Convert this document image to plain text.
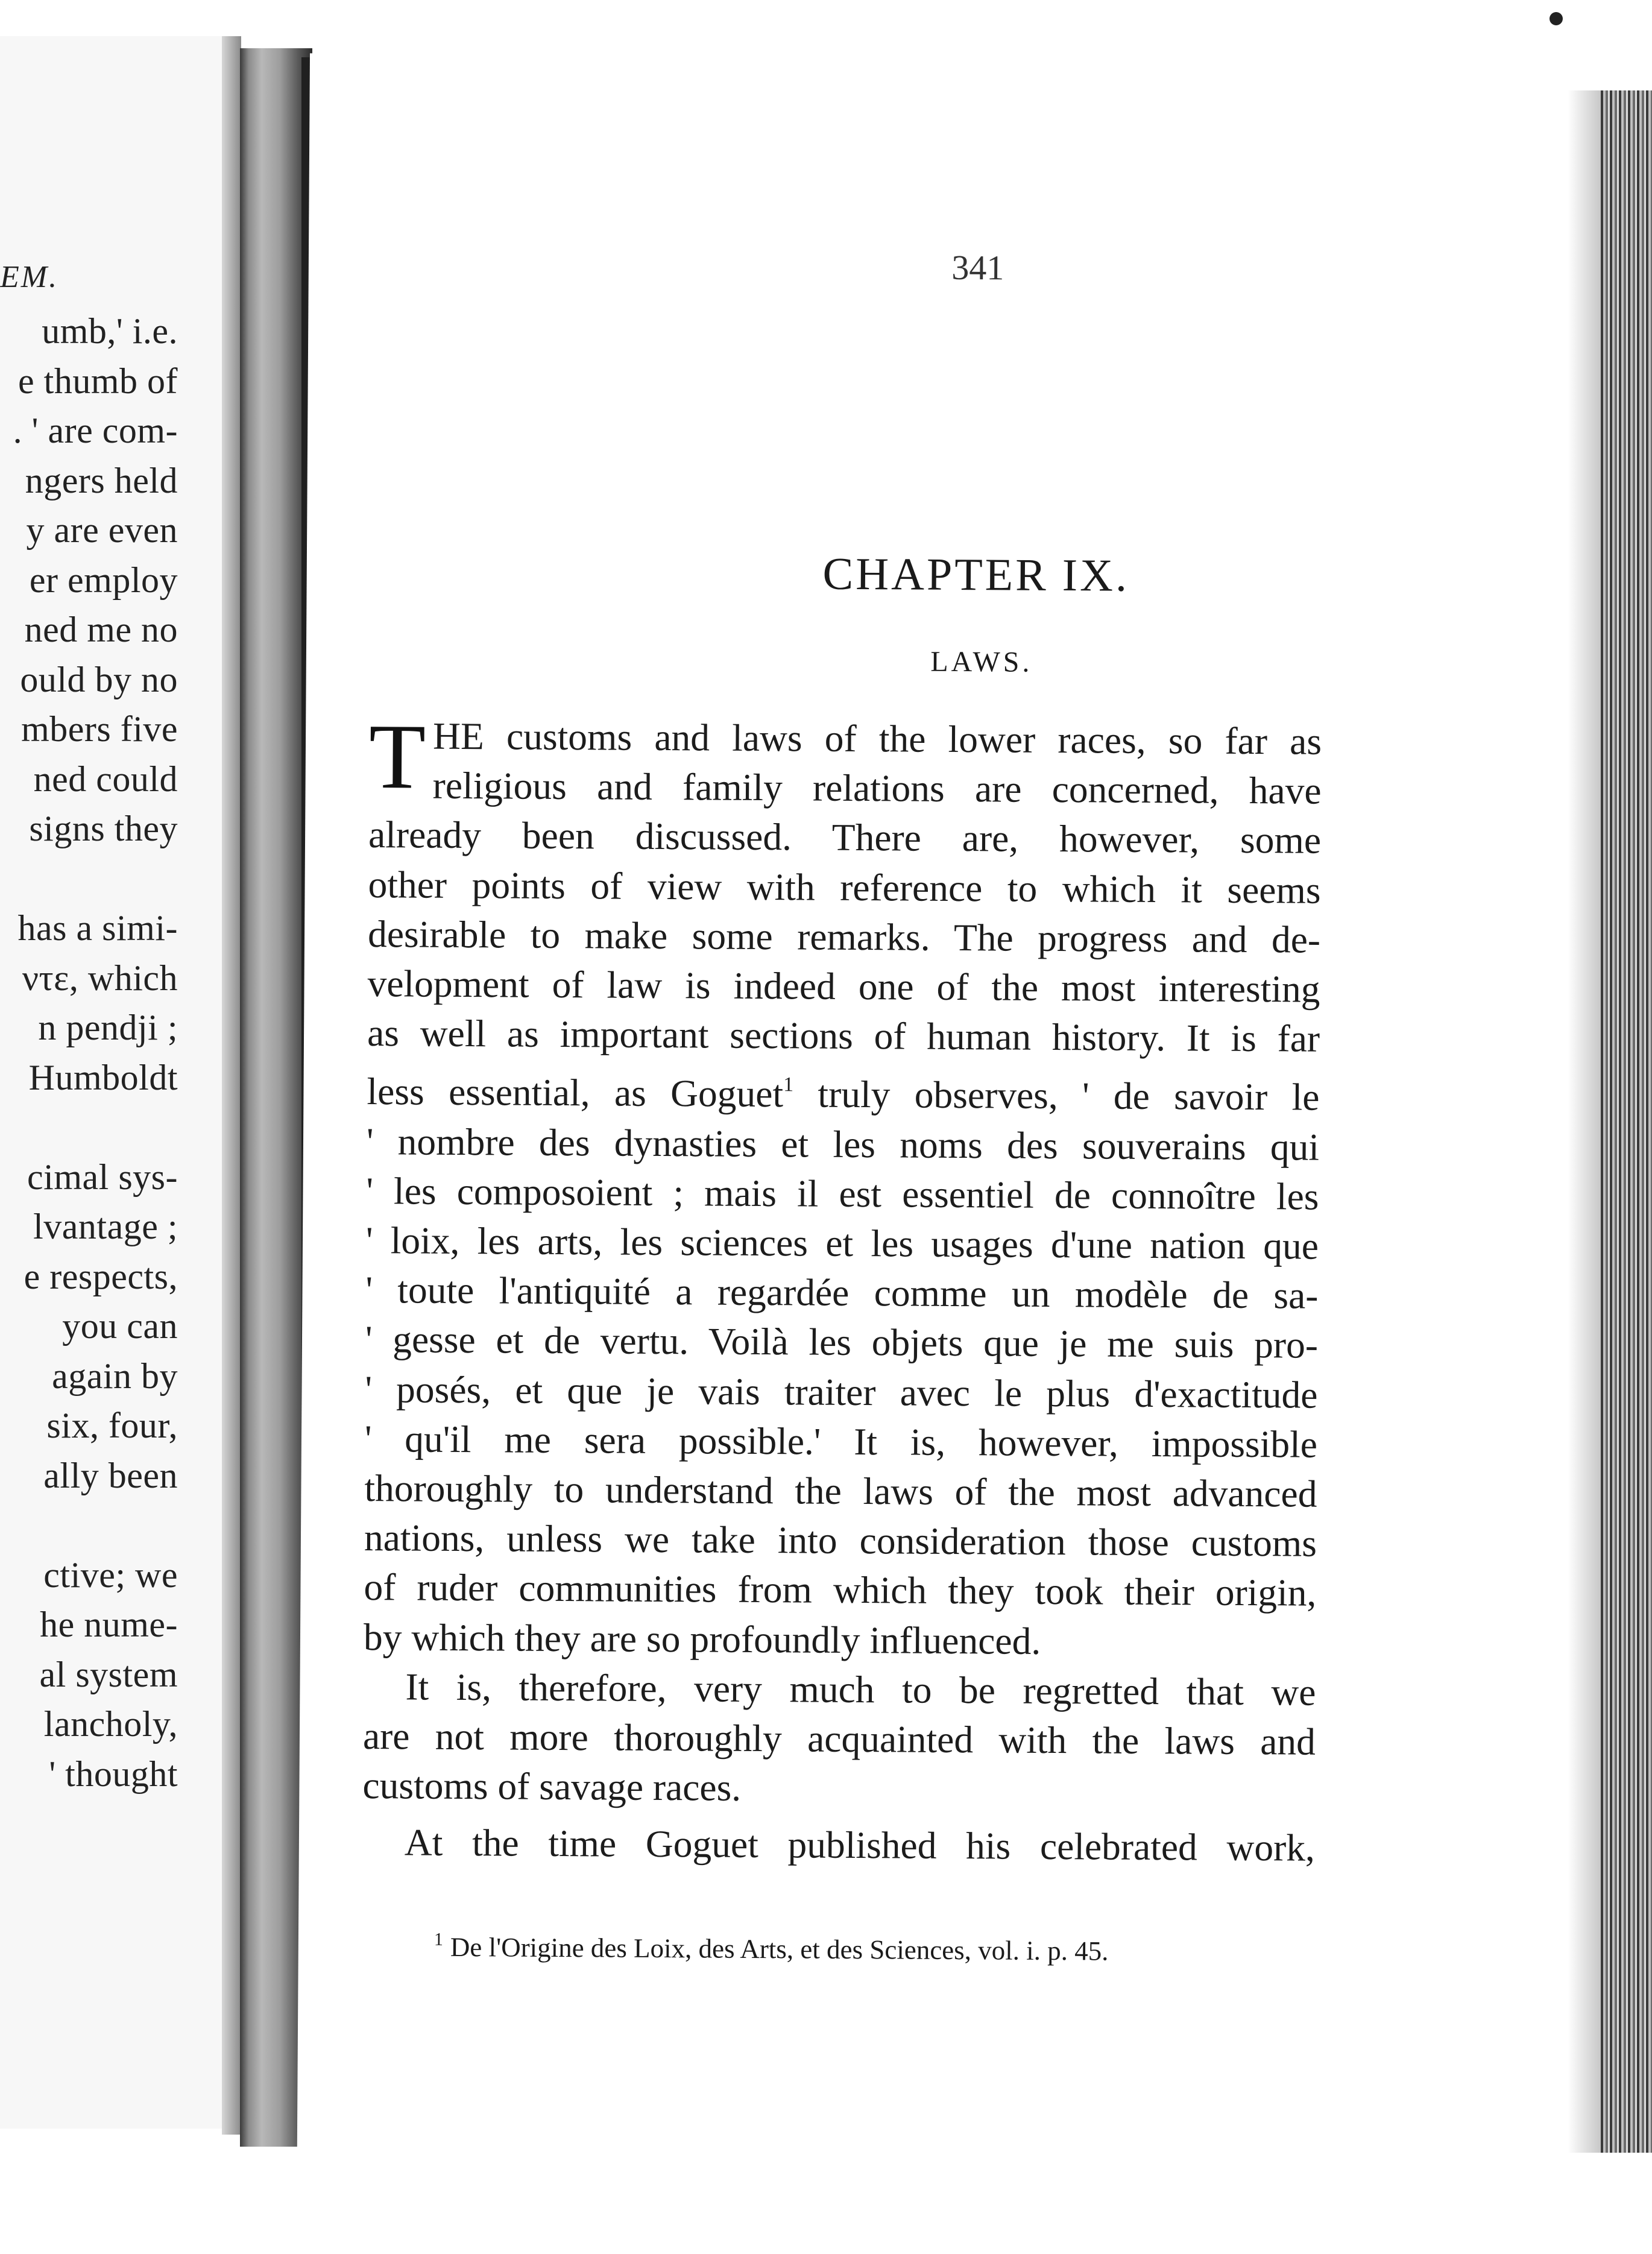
EM.
umb,' i.e.
e thumb of
. ' are com-
ngers held
y are even
er employ
ned me no
ould by no
mbers five
ned could
signs they
has a simi-
ντε, which
n pendji ;
Humboldt
cimal sys-
lvantage ;
e respects,
you can
again by
six, four,
ally been
ctive; we
he nume-
al system
lancholy,
' thought
341
CHAPTER IX.
LAWS.

T HE customs and laws of the lower races, so far as
religious and family relations are concerned, have
already been discussed. There are, however, some
other points of view with reference to which it seems
desirable to make some remarks. The progress and de-
velopment of law is indeed one of the most interesting
as well as important sections of human history. It is far
less essential, as Goguet$^1$ truly observes, ' de savoir le
' nombre des dynasties et les noms des souverains qui
' les composoient ; mais il est essentiel de connoître les
' loix, les arts, les sciences et les usages d'une nation que
' toute l'antiquité a regardée comme un modèle de sa-
' gesse et de vertu. Voilà les objets que je me suis pro-
' posés, et que je vais traiter avec le plus d'exactitude
' qu'il me sera possible.' It is, however, impossible
thoroughly to understand the laws of the most advanced
nations, unless we take into consideration those customs
of ruder communities from which they took their origin,
by which they are so profoundly influenced.

It is, therefore, very much to be regretted that we
are not more thoroughly acquainted with the laws and
customs of savage races.

At the time Goguet published his celebrated work,

$^1$ De l'Origine des Loix, des Arts, et des Sciences, vol. i. p. 45.
